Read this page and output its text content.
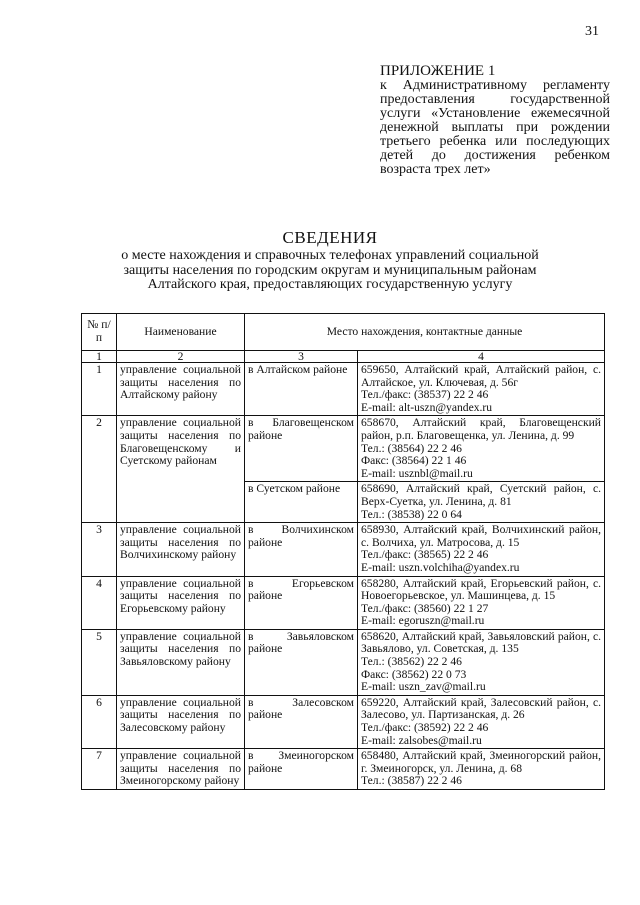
31
ПРИЛОЖЕНИЕ 1
к Административному регламенту предоставления государственной услуги «Установление ежемесячной денежной выплаты при рождении третьего ребенка или последующих детей до достижения ребенком возраста трех лет»
СВЕДЕНИЯ
о месте нахождения и справочных телефонах управлений социальной защиты населения по городским округам и муниципальным районам Алтайского края, предоставляющих государственную услугу
№ п/п	Наименование	Место нахождения, контактные данные	
1	2	3	4
1	управление социальной защиты населения по Алтайскому району	в Алтайском районе	659650, Алтайский край, Алтайский район, с. Алтайское, ул. Ключевая, д. 56г
Тел./факс: (38537) 22 2 46
E-mail: alt-uszn@yandex.ru

2	управление социальной защиты населения по Благовещенскому и Суетскому районам	в Благовещенском районе	658670, Алтайский край, Благовещенский район, р.п. Благовещенка, ул. Ленина, д. 99
Тел.: (38564) 22 2 46
Факс: (38564) 22 1 46
E-mail: usznbl@mail.ru

		в Суетском районе	658690, Алтайский край, Суетский район, с. Верх-Суетка, ул. Ленина, д. 81
Тел.: (38538) 22 0 64

3	управление социальной защиты населения по Волчихинскому району	в Волчихинском районе	658930, Алтайский край, Волчихинский район, с. Волчиха, ул. Матросова, д. 15
Тел./факс: (38565) 22 2 46
E-mail: uszn.volchiha@yandex.ru

4	управление социальной защиты населения по Егорьевскому району	в Егорьевском районе	658280, Алтайский край, Егорьевский район, с. Новоегорьевское, ул. Машинцева, д. 15
Тел./факс: (38560) 22 1 27
E-mail: egoruszn@mail.ru

5	управление социальной защиты населения по Завьяловскому району	в Завьяловском районе	658620, Алтайский край, Завьяловский район, с. Завьялово, ул. Советская, д. 135
Тел.: (38562) 22 2 46
Факс: (38562) 22 0 73
E-mail: uszn_zav@mail.ru

6	управление социальной защиты населения по Залесовскому району	в Залесовском районе	659220, Алтайский край, Залесовский район, с. Залесово, ул. Партизанская, д. 26
Тел./факс: (38592) 22 2 46
E-mail: zalsobes@mail.ru

7	управление социальной защиты населения по Змеиногорскому району	в Змеиногорском районе	658480, Алтайский край, Змеиногорский район, г. Змеиногорск, ул. Ленина, д. 68
Тел.: (38587) 22 2 46
